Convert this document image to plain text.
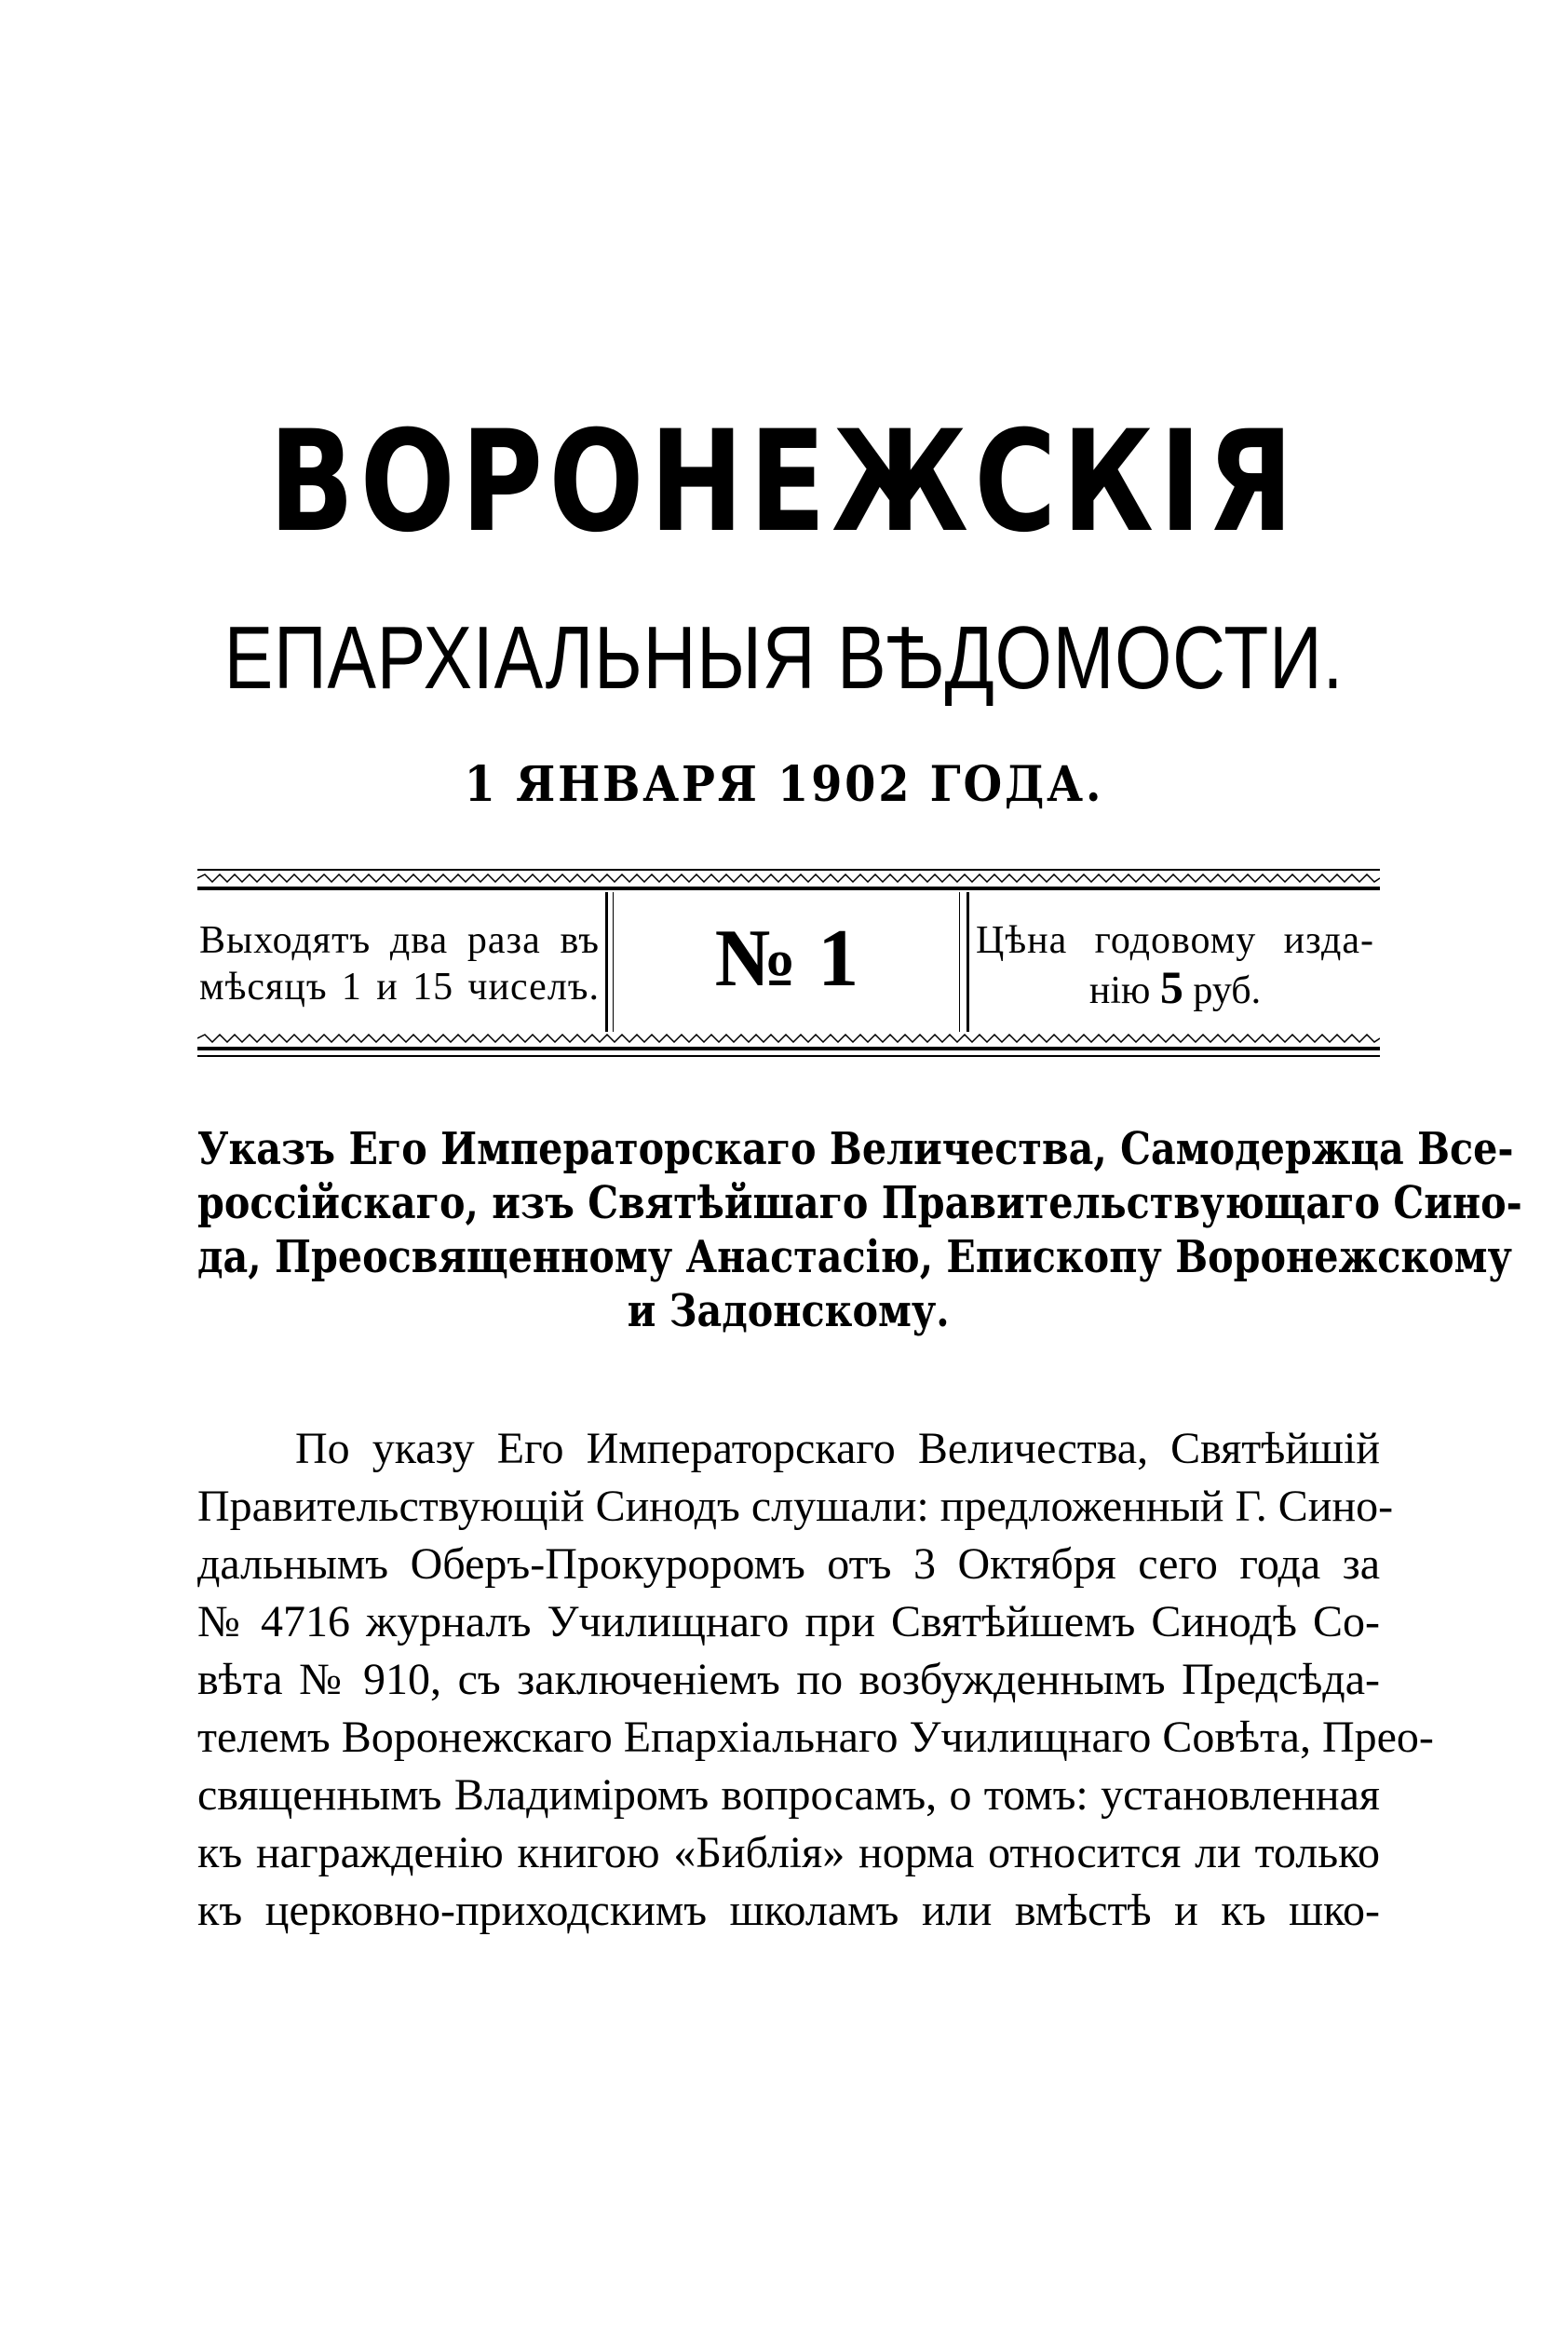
ВОРОНЕЖСКІЯ
ЕПАРХІАЛЬНЫЯ ВѢДОМОСТИ.
1 ЯНВАРЯ 1902 ГОДА.
Выходятъ два раза въ
мѣсяцъ 1 и 15 чиселъ.	№ 1	Цѣна годовому изда-
нію 5 руб.
Указъ Его Императорскаго Величества, Самодержца Все-
россійскаго, изъ Святѣйшаго Правительствующаго Сино-
да, Преосвященному Анастасію, Епископу Воронежскому
и Задонскому.
По указу Его Императорскаго Величества, Святѣйшій
Правительствующій Синодъ слушали: предложенный Г. Сино-
дальнымъ Оберъ-Прокуроромъ отъ 3 Октября сего года за
№ 4716 журналъ Училищнаго при Святѣйшемъ Синодѣ Со-
вѣта № 910, съ заключеніемъ по возбужденнымъ Предсѣда-
телемъ Воронежскаго Епархіальнаго Училищнаго Совѣта, Прео-
священнымъ Владиміромъ вопросамъ, о томъ: установленная
къ награжденію книгою «Библія» норма относится ли только
къ церковно-приходскимъ школамъ или вмѣстѣ и къ шко-
